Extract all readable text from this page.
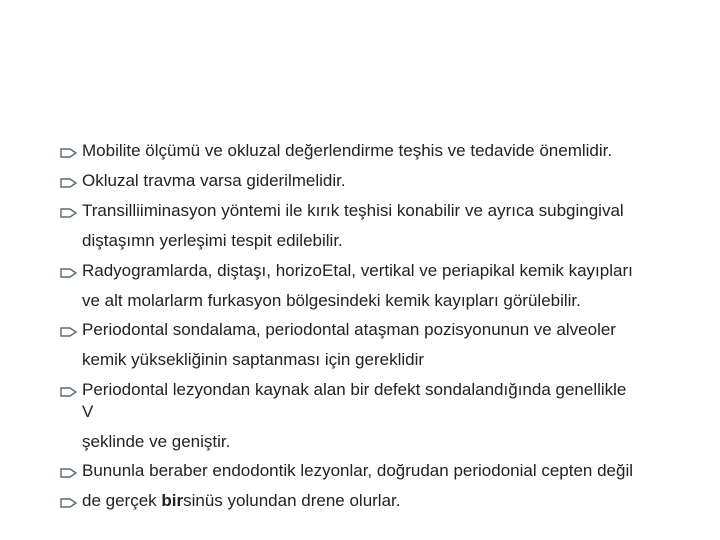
Mobilite ölçümü ve okluzal değerlendirme teşhis ve tedavide önemlidir.
Okluzal travma varsa giderilmelidir.
Transilliiminasyon yöntemi ile kırık teşhisi konabilir ve ayrıca subgingival
diştaşımn yerleşimi tespit edilebilir.
Radyogramlarda, diştaşı, horizoEtal, vertikal ve periapikal kemik kayıpları
ve alt molarlarm furkasyon bölgesindeki kemik kayıpları görülebilir.
Periodontal sondalama, periodontal ataşman pozisyonunun ve alveoler
kemik yüksekliğinin saptanması için gereklidir
Periodontal lezyondan kaynak alan bir defekt sondalandığında genellikle
V
şeklinde ve geniştir.
Bununla beraber endodontik lezyonlar, doğrudan periodonial cepten değil
de gerçek birsinüs yolundan drene olurlar.
